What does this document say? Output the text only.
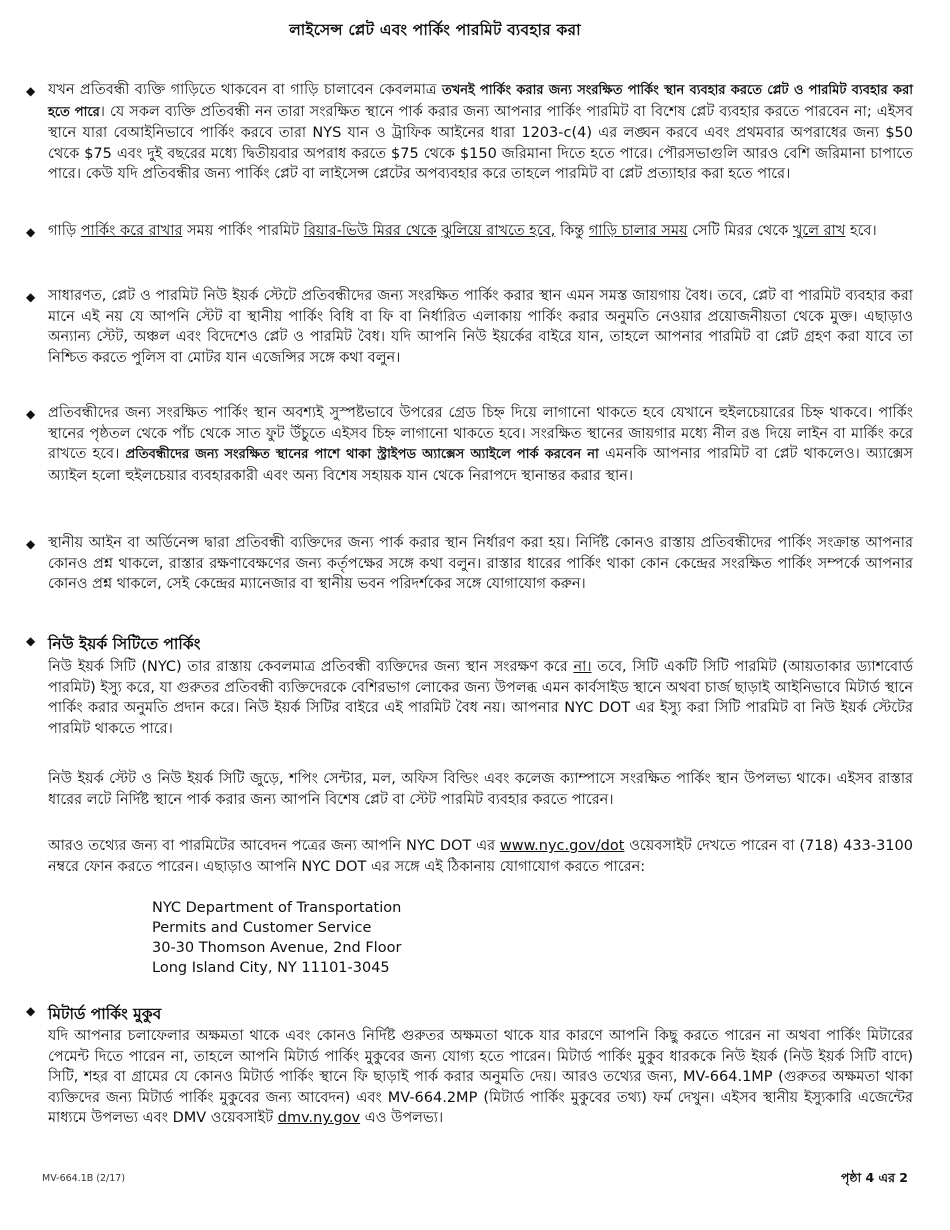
লাইসেন্স প্লেট এবং পার্কিং পারমিট ব্যবহার করা
◆ যখন প্রতিবন্ধী ব্যক্তি গাড়িতে থাকবেন বা গাড়ি চালাবেন কেবলমাত্র তখনই পার্কিং করার জন্য সংরক্ষিত পার্কিং স্থান ব্যবহার করতে প্লেট ও পারমিট ব্যবহার করা হতে পারে। যে সকল ব্যক্তি প্রতিবন্ধী নন তারা সংরক্ষিত স্থানে পার্ক করার জন্য আপনার পার্কিং পারমিট বা বিশেষ প্লেট ব্যবহার করতে পারবেন না; এইসব স্থানে যারা বেআইনিভাবে পার্কিং করবে তারা NYS যান ও ট্রাফিক আইনের ধারা 1203-c(4) এর লঙ্ঘন করবে এবং প্রথমবার অপরাধের জন্য $50 থেকে $75 এবং দুই বছরের মধ্যে দ্বিতীয়বার অপরাধ করতে $75 থেকে $150 জরিমানা দিতে হতে পারে। পৌরসভাগুলি আরও বেশি জরিমানা চাপাতে পারে। কেউ যদি প্রতিবন্ধীর জন্য পার্কিং প্লেট বা লাইসেন্স প্লেটের অপব্যবহার করে তাহলে পারমিট বা প্লেট প্রত্যাহার করা হতে পারে।
◆ গাড়ি পার্কিং করে রাখার সময় পার্কিং পারমিট রিয়ার-ভিউ মিরর থেকে ঝুলিয়ে রাখতে হবে, কিন্তু গাড়ি চালার সময় সেটি মিরর থেকে খুলে রাখ হবে।
◆ সাধারণত, প্লেট ও পারমিট নিউ ইয়র্ক স্টেটে প্রতিবন্ধীদের জন্য সংরক্ষিত পার্কিং করার স্থান এমন সমস্ত জায়গায় বৈধ। তবে, প্লেট বা পারমিট ব্যবহার করা মানে এই নয় যে আপনি স্টেট বা স্থানীয় পার্কিং বিধি বা ফি বা নির্ধারিত এলাকায় পার্কিং করার অনুমতি নেওয়ার প্রয়োজনীয়তা থেকে মুক্ত। এছাড়াও অন্যান্য স্টেট, অঞ্চল এবং বিদেশেও প্লেট ও পারমিট বৈধ। যদি আপনি নিউ ইয়র্কের বাইরে যান, তাহলে আপনার পারমিট বা প্লেট গ্রহণ করা যাবে তা নিশ্চিত করতে পুলিস বা মোটর যান এজেন্সির সঙ্গে কথা বলুন।
◆ প্রতিবন্ধীদের জন্য সংরক্ষিত পার্কিং স্থান অবশ্যই সুস্পষ্টভাবে উপরের গ্রেড চিহ্ন দিয়ে লাগানো থাকতে হবে যেখানে হুইলচেয়ারের চিহ্ন থাকবে। পার্কিং স্থানের পৃষ্ঠতল থেকে পাঁচ থেকে সাত ফুট উঁচুতে এইসব চিহ্ন লাগানো থাকতে হবে। সংরক্ষিত স্থানের জায়গার মধ্যে নীল রঙ দিয়ে লাইন বা মার্কিং করে রাখতে হবে। প্রতিবন্ধীদের জন্য সংরক্ষিত স্থানের পাশে থাকা স্ট্রাইপড অ্যাক্সেস অ্যাইলে পার্ক করবেন না এমনকি আপনার পারমিট বা প্লেট থাকলেও। অ্যাক্সেস অ্যাইল হলো হুইলচেয়ার ব্যবহারকারী এবং অন্য বিশেষ সহায়ক যান থেকে নিরাপদে স্থানান্তর করার স্থান।
◆ স্থানীয় আইন বা অর্ডিনেন্স দ্বারা প্রতিবন্ধী ব্যক্তিদের জন্য পার্ক করার স্থান নির্ধারণ করা হয়। নির্দিষ্ট কোনও রাস্তায় প্রতিবন্ধীদের পার্কিং সংক্রান্ত আপনার কোনও প্রশ্ন থাকলে, রাস্তার রক্ষণাবেক্ষণের জন্য কর্তৃপক্ষের সঙ্গে কথা বলুন। রাস্তার ধারের পার্কিং থাকা কোন কেন্দ্রের সংরক্ষিত পার্কিং সম্পর্কে আপনার কোনও প্রশ্ন থাকলে, সেই কেন্দ্রের ম্যানেজার বা স্থানীয় ভবন পরিদর্শকের সঙ্গে যোগাযোগ করুন।
◆ নিউ ইয়র্ক সিটিতে পার্কিং
নিউ ইয়র্ক সিটি (NYC) তার রাস্তায় কেবলমাত্র প্রতিবন্ধী ব্যক্তিদের জন্য স্থান সংরক্ষণ করে না। তবে, সিটি একটি সিটি পারমিট (আয়তাকার ড্যাশবোর্ড পারমিট) ইস্যু করে, যা গুরুতর প্রতিবন্ধী ব্যক্তিদেরকে বেশিরভাগ লোকের জন্য উপলব্ধ এমন কার্বসাইড স্থানে অথবা চার্জ ছাড়াই আইনিভাবে মিটার্ড স্থানে পার্কিং করার অনুমতি প্রদান করে। নিউ ইয়র্ক সিটির বাইরে এই পারমিট বৈধ নয়। আপনার NYC DOT এর ইস্যু করা সিটি পারমিট বা নিউ ইয়র্ক স্টেটের পারমিট থাকতে পারে।
নিউ ইয়র্ক স্টেট ও নিউ ইয়র্ক সিটি জুড়ে, শপিং সেন্টার, মল, অফিস বিল্ডিং এবং কলেজ ক্যাম্পাসে সংরক্ষিত পার্কিং স্থান উপলভ্য থাকে। এইসব রাস্তার ধারের লটে নির্দিষ্ট স্থানে পার্ক করার জন্য আপনি বিশেষ প্লেট বা স্টেট পারমিট ব্যবহার করতে পারেন।
আরও তথ্যের জন্য বা পারমিটের আবেদন পত্রের জন্য আপনি NYC DOT এর www.nyc.gov/dot ওয়েবসাইট দেখতে পারেন বা (718) 433-3100 নম্বরে ফোন করতে পারেন। এছাড়াও আপনি NYC DOT এর সঙ্গে এই ঠিকানায় যোগাযোগ করতে পারেন:
NYC Department of Transportation
Permits and Customer Service
30-30 Thomson Avenue, 2nd Floor
Long Island City, NY 11101-3045
◆ মিটার্ড পার্কিং মুকুব
যদি আপনার চলাফেলার অক্ষমতা থাকে এবং কোনও নির্দিষ্ট গুরুতর অক্ষমতা থাকে যার কারণে আপনি কিছু করতে পারেন না অথবা পার্কিং মিটারের পেমেন্ট দিতে পারেন না, তাহলে আপনি মিটার্ড পার্কিং মুকুবের জন্য যোগ্য হতে পারেন। মিটার্ড পার্কিং মুকুব ধারককে নিউ ইয়র্ক (নিউ ইয়র্ক সিটি বাদে) সিটি, শহর বা গ্রামের যে কোনও মিটার্ড পার্কিং স্থানে ফি ছাড়াই পার্ক করার অনুমতি দেয়। আরও তথ্যের জন্য, MV-664.1MP (গুরুতর অক্ষমতা থাকা ব্যক্তিদের জন্য মিটার্ড পার্কিং মুকুবের জন্য আবেদন) এবং MV-664.2MP (মিটার্ড পার্কিং মুকুবের তথ্য) ফর্ম দেখুন। এইসব স্থানীয় ইস্যুকারি এজেন্টের মাধ্যমে উপলভ্য এবং DMV ওয়েবসাইট dmv.ny.gov এও উপলভ্য।
MV-664.1B (2/17)	পৃষ্ঠা 4 এর 2
